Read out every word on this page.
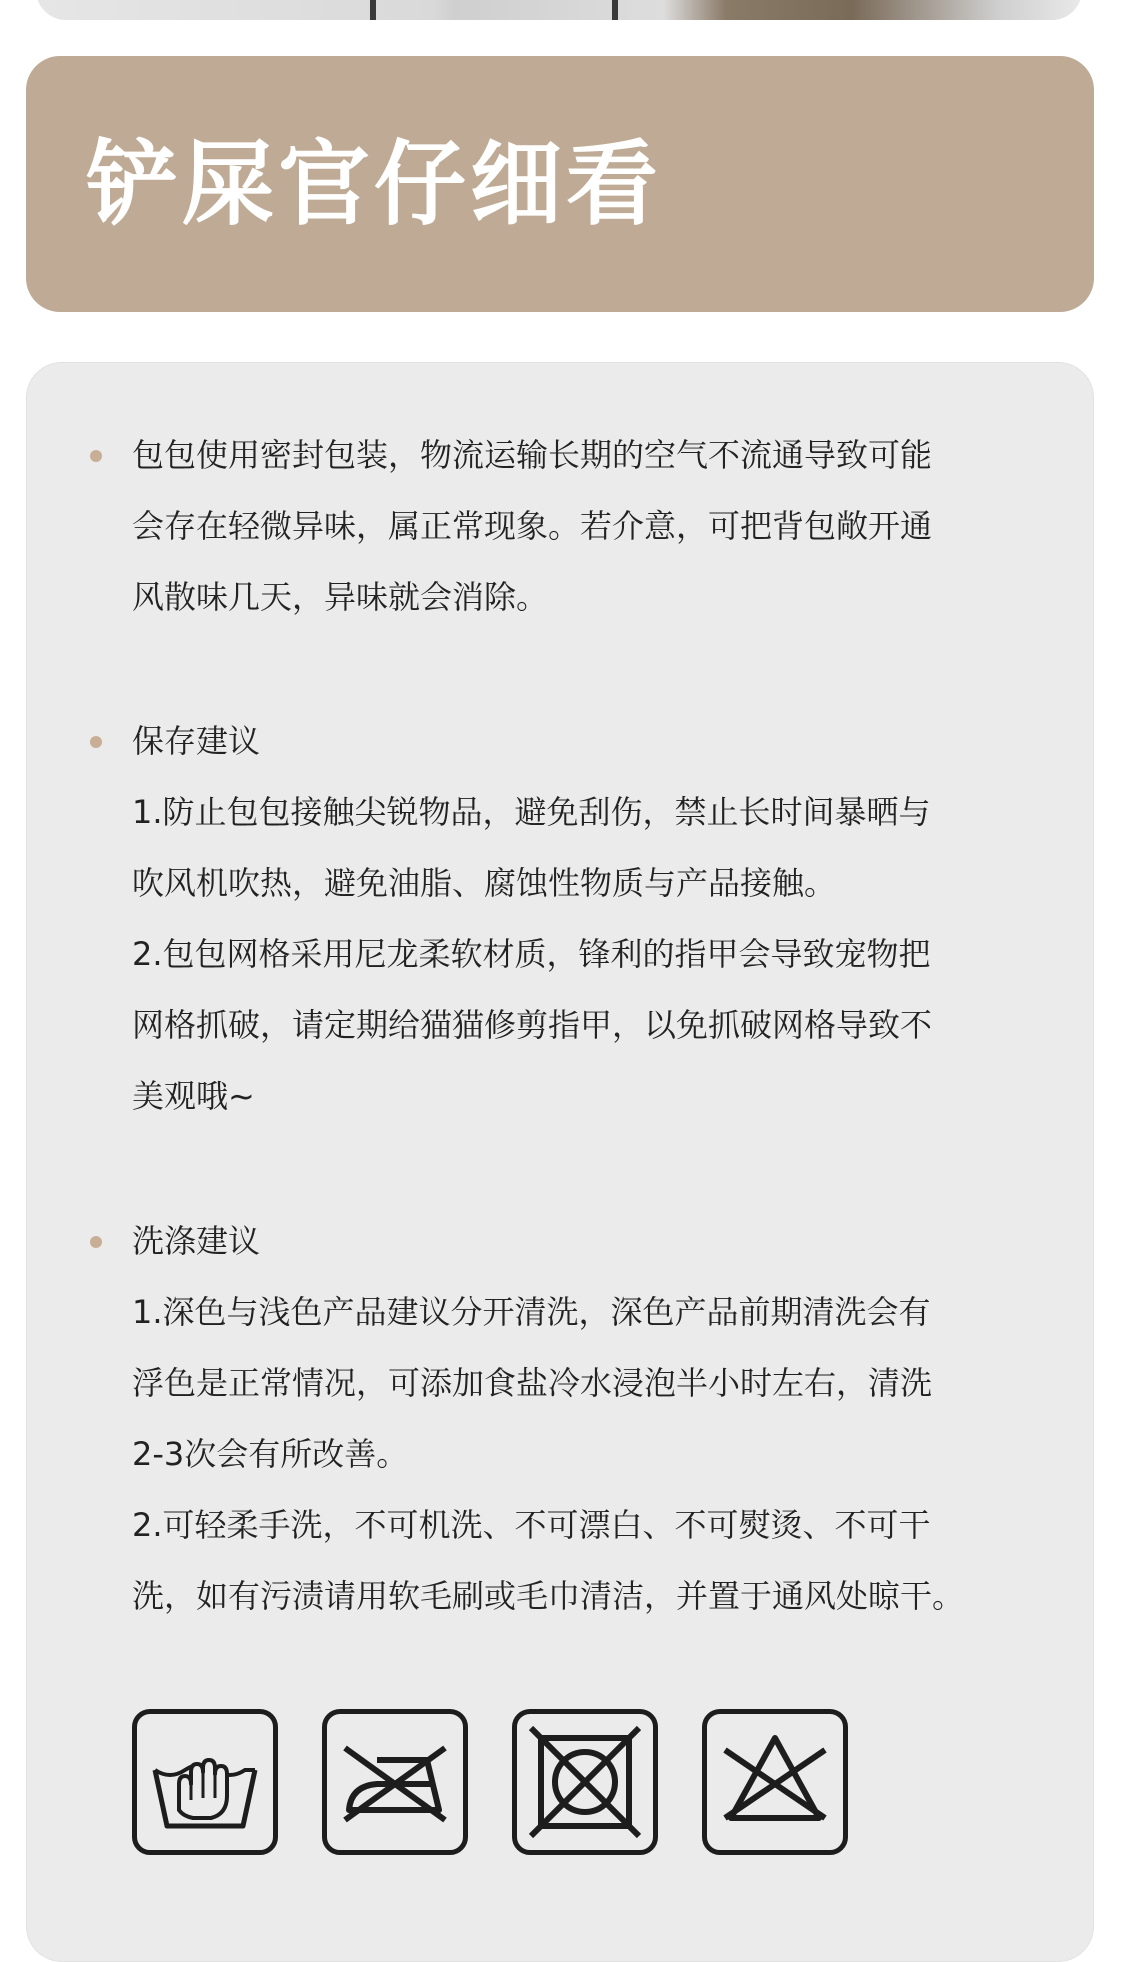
铲屎官仔细看

包包使用密封包装，物流运输长期的空气不流通导致可能
会存在轻微异味，属正常现象。若介意，可把背包敞开通
风散味几天，异味就会消除。

保存建议
1.防止包包接触尖锐物品，避免刮伤，禁止长时间暴晒与
吹风机吹热，避免油脂、腐蚀性物质与产品接触。
2.包包网格采用尼龙柔软材质，锋利的指甲会导致宠物把
网格抓破，请定期给猫猫修剪指甲，以免抓破网格导致不
美观哦~

洗涤建议
1.深色与浅色产品建议分开清洗，深色产品前期清洗会有
浮色是正常情况，可添加食盐冷水浸泡半小时左右，清洗
2-3次会有所改善。
2.可轻柔手洗，不可机洗、不可漂白、不可熨烫、不可干
洗，如有污渍请用软毛刷或毛巾清洁，并置于通风处晾干。
